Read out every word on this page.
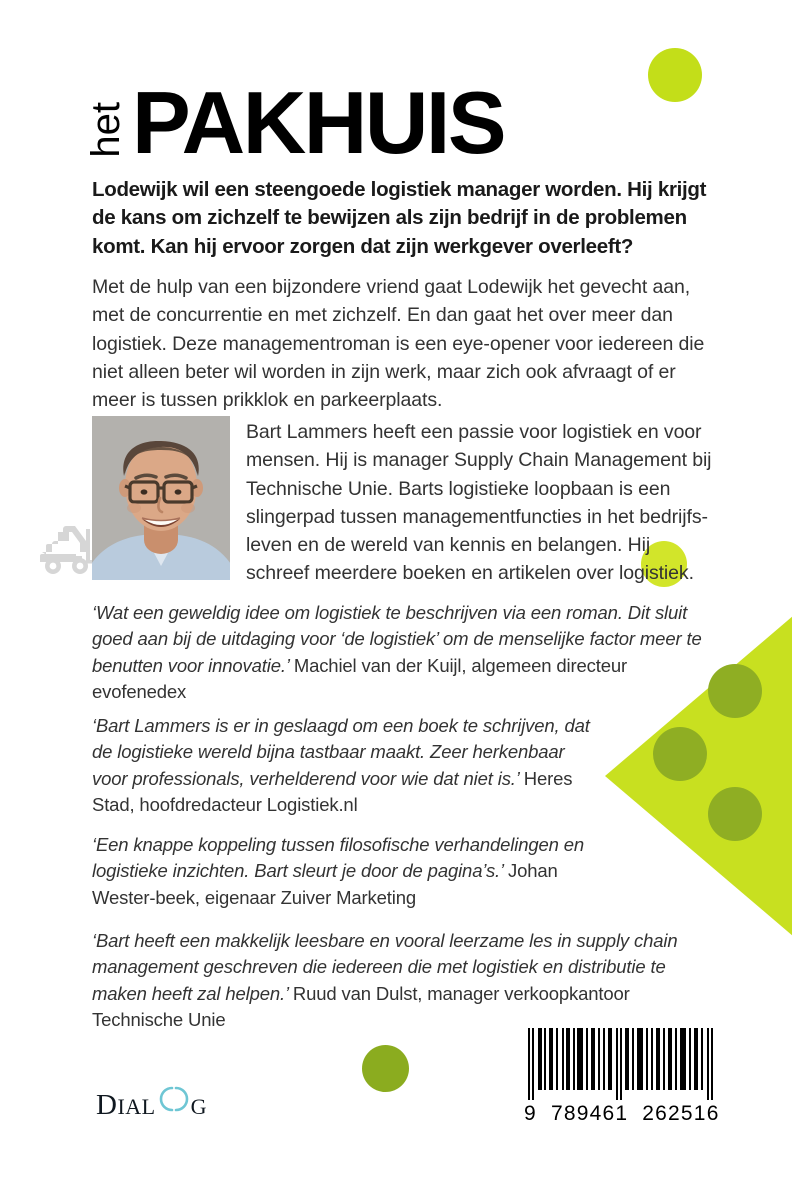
het PAKHUIS
Lodewijk wil een steengoede logistiek manager worden. Hij krijgt de kans om zichzelf te bewijzen als zijn bedrijf in de problemen komt. Kan hij ervoor zorgen dat zijn werkgever overleeft?
Met de hulp van een bijzondere vriend gaat Lodewijk het gevecht aan, met de concurrentie en met zichzelf. En dan gaat het over meer dan logistiek. Deze managementroman is een eye-opener voor iedereen die niet alleen beter wil worden in zijn werk, maar zich ook afvraagt of er meer is tussen prikklok en parkeerplaats.
Bart Lammers heeft een passie voor logistiek en voor mensen. Hij is manager Supply Chain Management bij Technische Unie. Barts logistieke loopbaan is een slingerpad tussen managementfuncties in het bedrijfs-leven en de wereld van kennis en belangen. Hij schreef meerdere boeken en artikelen over logistiek.
‘Wat een geweldig idee om logistiek te beschrijven via een roman. Dit sluit goed aan bij de uitdaging voor ‘de logistiek’ om de menselijke factor meer te benutten voor innovatie.’ Machiel van der Kuijl, algemeen directeur evofenedex
‘Bart Lammers is er in geslaagd om een boek te schrijven, dat de logistieke wereld bijna tastbaar maakt. Zeer herkenbaar voor professionals, verhelderend voor wie dat niet is.’ Heres Stad, hoofdredacteur Logistiek.nl
‘Een knappe koppeling tussen filosofische verhandelingen en logistieke inzichten. Bart sleurt je door de pagina’s.’ Johan Wester-beek, eigenaar Zuiver Marketing
‘Bart heeft een makkelijk leesbare en vooral leerzame les in supply chain management geschreven die iedereen die met logistiek en distributie te maken heeft zal helpen.’ Ruud van Dulst, manager verkoopkantoor Technische Unie
D IAL G	9  789461  262516
